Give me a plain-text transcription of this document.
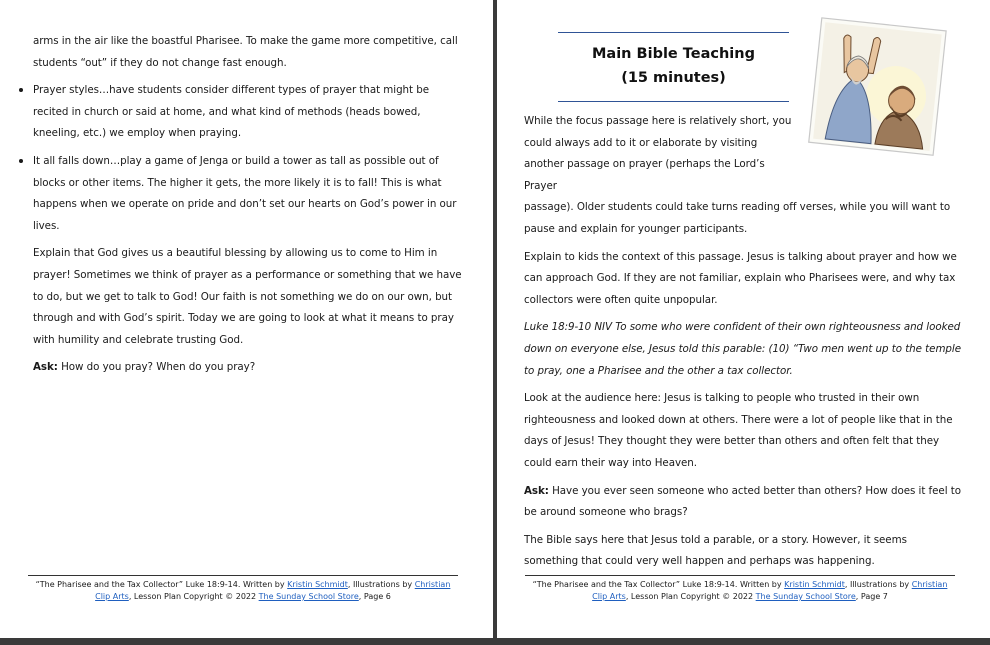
arms in the air like the boastful Pharisee. To make the game more competitive, call students “out” if they do not change fast enough.

Prayer styles…have students consider different types of prayer that might be recited in church or said at home, and what kind of methods (heads bowed, kneeling, etc.) we employ when praying.

It all falls down…play a game of Jenga or build a tower as tall as possible out of blocks or other items. The higher it gets, the more likely it is to fall! This is what happens when we operate on pride and don’t set our hearts on God’s power in our lives.

Explain that God gives us a beautiful blessing by allowing us to come to Him in prayer! Sometimes we think of prayer as a performance or something that we have to do, but we get to talk to God! Our faith is not something we do on our own, but through and with God’s spirit. Today we are going to look at what it means to pray with humility and celebrate trusting God.

Ask: How do you pray? When do you pray?

“The Pharisee and the Tax Collector” Luke 18:9-14. Written by Kristin Schmidt, Illustrations by Christian Clip Arts, Lesson Plan Copyright © 2022 The Sunday School Store, Page 6
Main Bible Teaching
(15 minutes)

While the focus passage here is relatively short, you could always add to it or elaborate by visiting another passage on prayer (perhaps the Lord’s Prayer

passage). Older students could take turns reading off verses, while you will want to pause and explain for younger participants.

Explain to kids the context of this passage. Jesus is talking about prayer and how we can approach God. If they are not familiar, explain who Pharisees were, and why tax collectors were often quite unpopular.

Luke 18:9-10 NIV To some who were confident of their own righteousness and looked down on everyone else, Jesus told this parable: (10) “Two men went up to the temple to pray, one a Pharisee and the other a tax collector.

Look at the audience here: Jesus is talking to people who trusted in their own righteousness and looked down at others. There were a lot of people like that in the days of Jesus! They thought they were better than others and often felt that they could earn their way into Heaven.

Ask: Have you ever seen someone who acted better than others? How does it feel to be around someone who brags?

The Bible says here that Jesus told a parable, or a story. However, it seems something that could very well happen and perhaps was happening.

“The Pharisee and the Tax Collector” Luke 18:9-14. Written by Kristin Schmidt, Illustrations by Christian Clip Arts, Lesson Plan Copyright © 2022 The Sunday School Store, Page 7
